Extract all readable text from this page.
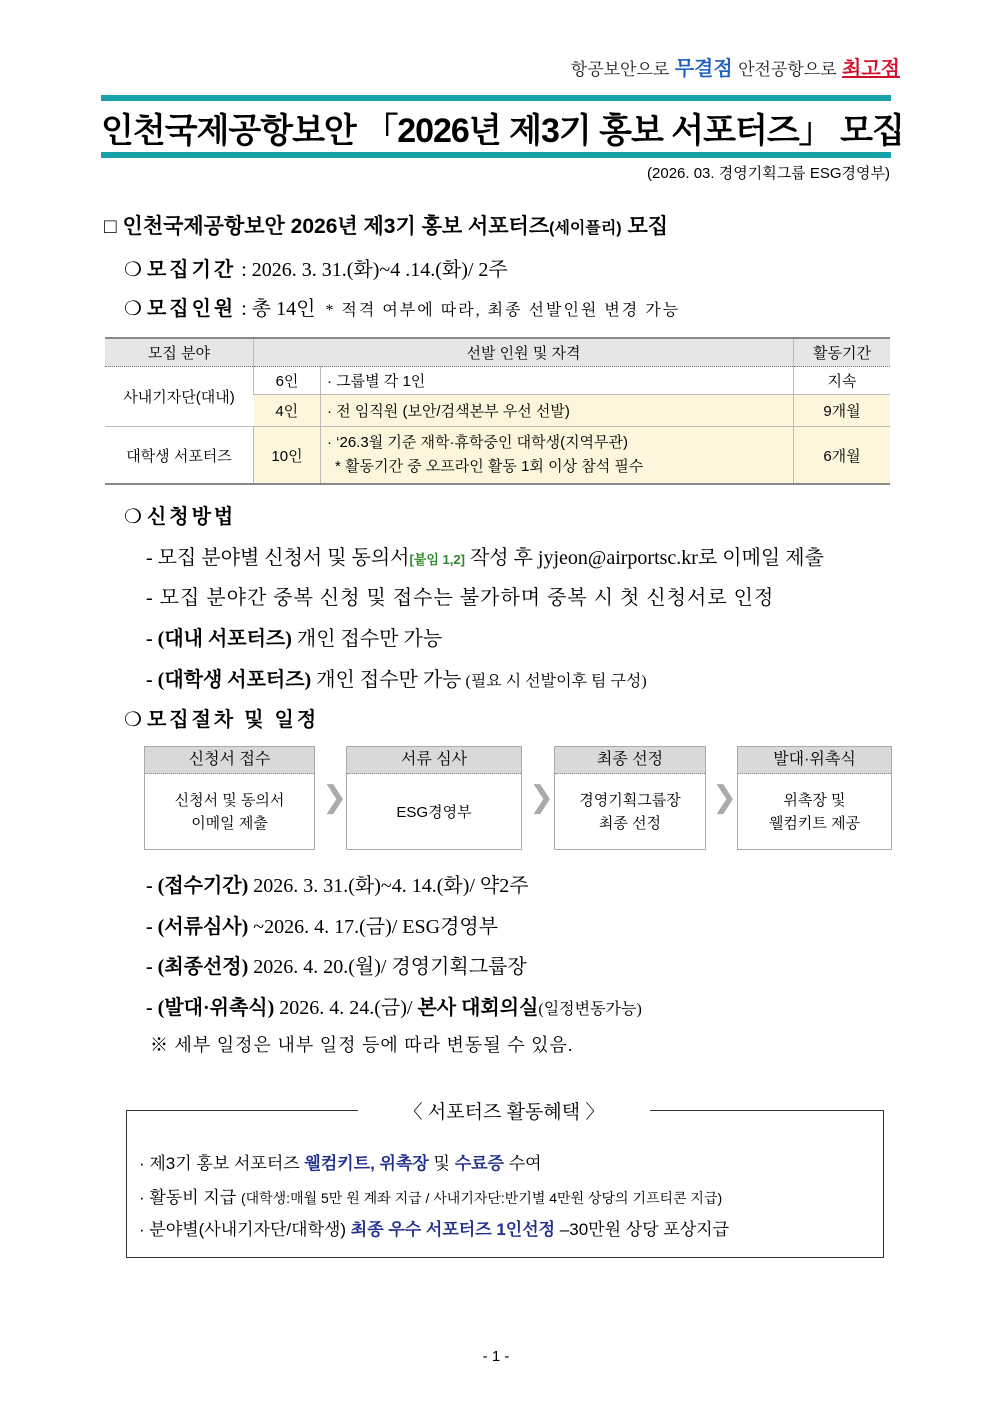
항공보안으로 무결점 안전공항으로 최고점
인천국제공항보안 「2026년 제3기 홍보 서포터즈」 모집
(2026. 03. 경영기획그룹 ESG경영부)
□ 인천국제공항보안 2026년 제3기 홍보 서포터즈(세이플리) 모집
❍ 모집기간 : 2026. 3. 31.(화)~4 .14.(화)/ 2주
❍ 모집인원 : 총 14인 * 적격 여부에 따라, 최종 선발인원 변경 가능
모집 분야	선발 인원 및 자격		활동기간
사내기자단(대내)	6인	· 그룹별 각 1인	지속
	4인	· 전 임직원 (보안/검색본부 우선 선발)	9개월
대학생 서포터즈	10인	· ‘26.3월 기준 재학·휴학중인 대학생(지역무관)
* 활동기간 중 오프라인 활동 1회 이상 참석 필수	6개월
❍ 신청방법
- 모집 분야별 신청서 및 동의서[붙임 1,2] 작성 후 jyjeon@airportsc.kr로 이메일 제출
- 모집 분야간 중복 신청 및 접수는 불가하며 중복 시 첫 신청서로 인정
- (대내 서포터즈) 개인 접수만 가능
- (대학생 서포터즈) 개인 접수만 가능 (필요 시 선발이후 팀 구성)
❍ 모집절차 및 일정
신청서 접수
신청서 및 동의서
이메일 제출
❯
서류 심사
ESG경영부 ❯
최종 선정
경영기획그룹장
최종 선정
❯
발대·위촉식
위촉장 및
웰컴키트 제공
- (접수기간) 2026. 3. 31.(화)~4. 14.(화)/ 약2주
- (서류심사) ~2026. 4. 17.(금)/ ESG경영부
- (최종선정) 2026. 4. 20.(월)/ 경영기획그룹장
- (발대·위촉식) 2026. 4. 24.(금)/ 본사 대회의실(일정변동가능)
※ 세부 일정은 내부 일정 등에 따라 변동될 수 있음.
· 제3기 홍보 서포터즈 웰컴키트, 위촉장 및 수료증 수여
· 활동비 지급 (대학생:매월 5만 원 계좌 지급 / 사내기자단:반기별 4만원 상당의 기프티콘 지급)
· 분야별(사내기자단/대학생) 최종 우수 서포터즈 1인선정 –30만원 상당 포상지급
〈 서포터즈 활동혜택 〉
- 1 -
